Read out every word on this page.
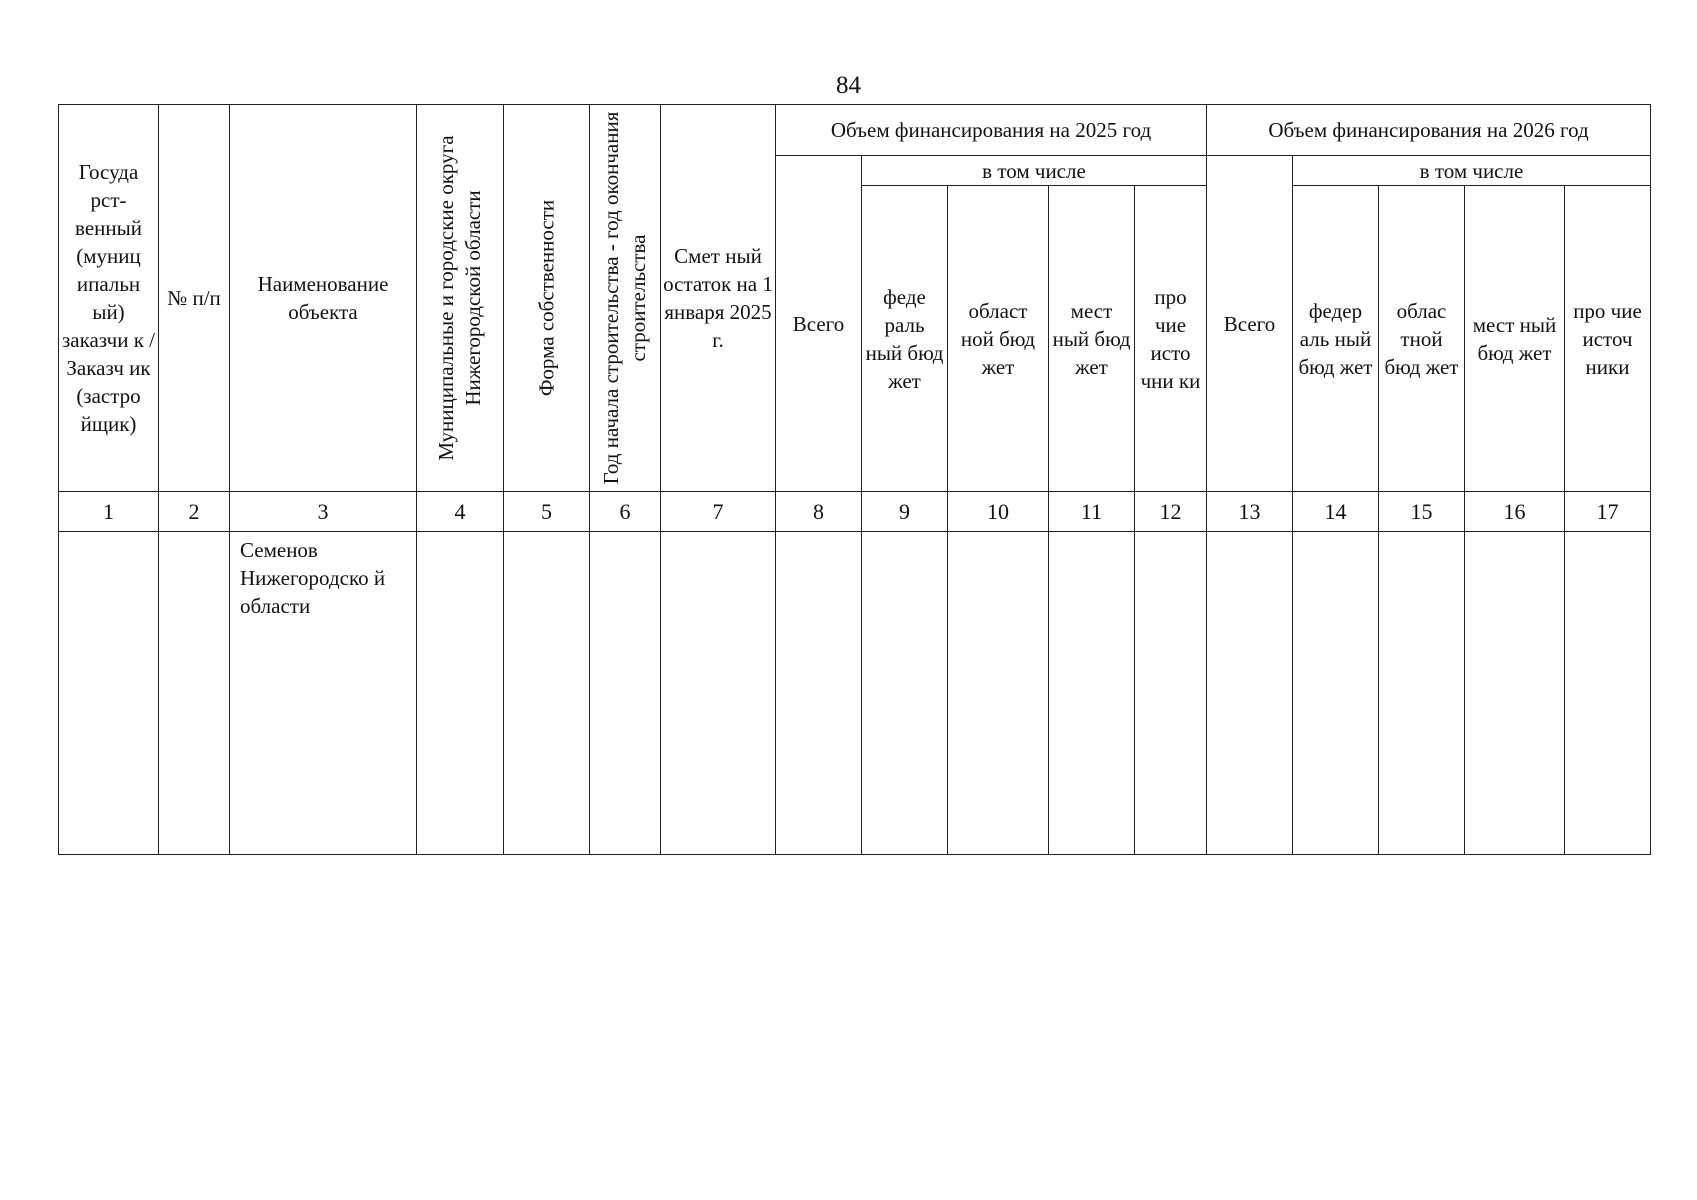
84
Госуда рст-венный (муниц ипальн ый) заказчи к / Заказч ик (застро йщик)	№ п/п	Наименование объекта	Муниципальные и городские округа Нижегородской области	Форма собственности	Год начала строительства - год окончания строительства	Смет ный остаток на 1 января 2025 г.	Объем финансирования на 2025 год					Объем финансирования на 2026 год				
							Всего	в том числе				Всего	в том числе			

								феде раль ный бюд жет	област ной бюд жет	мест ный бюд жет	про чие исто чни ки		федер аль ный бюд жет	облас тной бюд жет	мест ный бюд жет	про чие источ ники

1	2	3	4	5	6	7	8	9	10	11	12	13	14	15	16	17
		Семенов Нижегородско й области														
